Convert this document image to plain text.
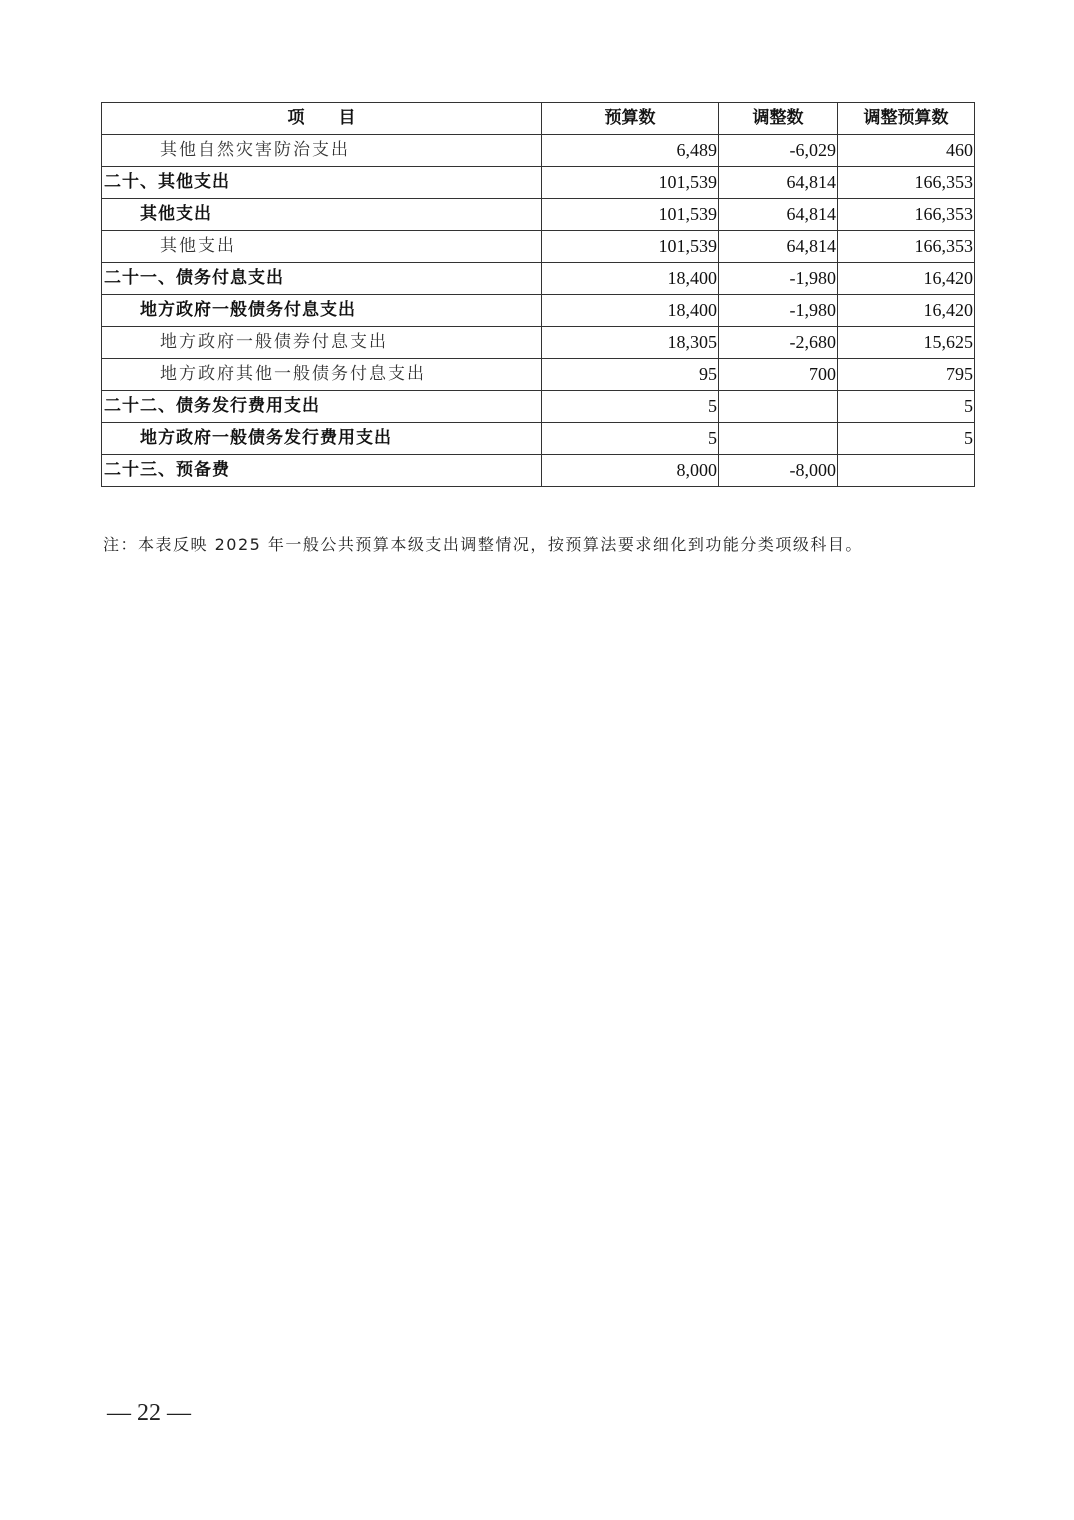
项　　目	预算数	调整数	调整预算数
其他自然灾害防治支出	6,489	-6,029	460
二十、其他支出	101,539	64,814	166,353
其他支出	101,539	64,814	166,353
其他支出	101,539	64,814	166,353
二十一、债务付息支出	18,400	-1,980	16,420
地方政府一般债务付息支出	18,400	-1,980	16,420
地方政府一般债券付息支出	18,305	-2,680	15,625
地方政府其他一般债务付息支出	95	700	795
二十二、债务发行费用支出	5		5
地方政府一般债务发行费用支出	5		5
二十三、预备费	8,000	-8,000	
注：本表反映 2025 年一般公共预算本级支出调整情况，按预算法要求细化到功能分类项级科目。
— 22 —
